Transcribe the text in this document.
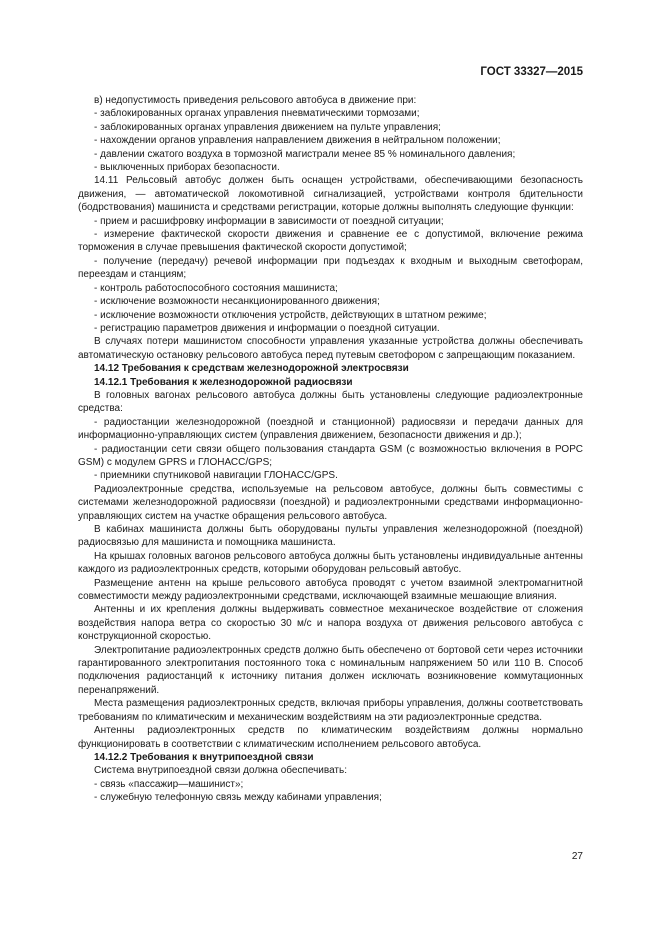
ГОСТ 33327—2015

в) недопустимость приведения рельсового автобуса в движение при:

- заблокированных органах управления пневматическими тормозами;

- заблокированных органах управления движением на пульте управления;

- нахождении органов управления направлением движения в нейтральном положении;

- давлении сжатого воздуха в тормозной магистрали менее 85 % номинального давления;

- выключенных приборах безопасности.

14.11 Рельсовый автобус должен быть оснащен устройствами, обеспечивающими безопасность движения, — автоматической локомотивной сигнализацией, устройствами контроля бдительности (бодрствования) машиниста и средствами регистрации, которые должны выполнять следующие функции:

- прием и расшифровку информации в зависимости от поездной ситуации;

- измерение фактической скорости движения и сравнение ее с допустимой, включение режима торможения в случае превышения фактической скорости допустимой;

- получение (передачу) речевой информации при подъездах к входным и выходным светофорам, переездам и станциям;

- контроль работоспособного состояния машиниста;

- исключение возможности несанкционированного движения;

- исключение возможности отключения устройств, действующих в штатном режиме;

- регистрацию параметров движения и информации о поездной ситуации.

В случаях потери машинистом способности управления указанные устройства должны обеспечивать автоматическую остановку рельсового автобуса перед путевым светофором с запрещающим показанием.

14.12 Требования к средствам железнодорожной электросвязи

14.12.1 Требования к железнодорожной радиосвязи

В головных вагонах рельсового автобуса должны быть установлены следующие радиоэлектронные средства:

- радиостанции железнодорожной (поездной и станционной) радиосвязи и передачи данных для информационно-управляющих систем (управления движением, безопасности движения и др.);

- радиостанции сети связи общего пользования стандарта GSM (с возможностью включения в РОРС GSM) с модулем GPRS и ГЛОНАСС/GPS;

- приемники спутниковой навигации ГЛОНАСС/GPS.

Радиоэлектронные средства, используемые на рельсовом автобусе, должны быть совместимы с системами железнодорожной радиосвязи (поездной) и радиоэлектронными средствами информационно-управляющих систем на участке обращения рельсового автобуса.

В кабинах машиниста должны быть оборудованы пульты управления железнодорожной (поездной) радиосвязью для машиниста и помощника машиниста.

На крышах головных вагонов рельсового автобуса должны быть установлены индивидуальные антенны каждого из радиоэлектронных средств, которыми оборудован рельсовый автобус.

Размещение антенн на крыше рельсового автобуса проводят с учетом взаимной электромагнитной совместимости между радиоэлектронными средствами, исключающей взаимные мешающие влияния.

Антенны и их крепления должны выдерживать совместное механическое воздействие от сложения воздействия напора ветра со скоростью 30 м/с и напора воздуха от движения рельсового автобуса с конструкционной скоростью.

Электропитание радиоэлектронных средств должно быть обеспечено от бортовой сети через источники гарантированного электропитания постоянного тока с номинальным напряжением 50 или 110 В. Способ подключения радиостанций к источнику питания должен исключать возникновение коммутационных перенапряжений.

Места размещения радиоэлектронных средств, включая приборы управления, должны соответствовать требованиям по климатическим и механическим воздействиям на эти радиоэлектронные средства.

Антенны радиоэлектронных средств по климатическим воздействиям должны нормально функционировать в соответствии с климатическим исполнением рельсового автобуса.

14.12.2 Требования к внутрипоездной связи

Система внутрипоездной связи должна обеспечивать:

- связь «пассажир—машинист»;

- служебную телефонную связь между кабинами управления;

27
